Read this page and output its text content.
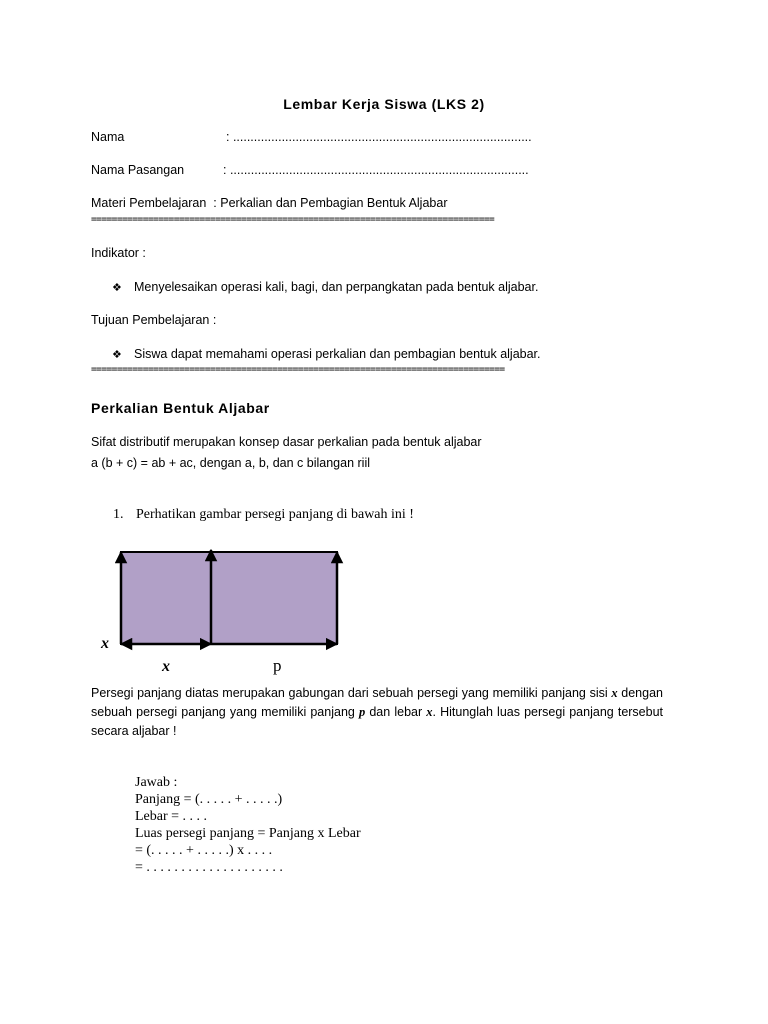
Lembar Kerja Siswa (LKS 2)
Nama	: ......................................................................................
Nama Pasangan	: ......................................................................................
Materi Pembelajaran : Perkalian dan Pembagian Bentuk Aljabar
==============================================================================
Indikator :
❖ Menyelesaikan operasi kali, bagi, dan perpangkatan pada bentuk aljabar.
Tujuan Pembelajaran :
❖ Siswa dapat memahami operasi perkalian dan pembagian bentuk aljabar.
================================================================================
Perkalian Bentuk Aljabar
Sifat distributif merupakan konsep dasar perkalian pada bentuk aljabar
a (b + c) = ab + ac, dengan a, b, dan c bilangan riil
1. Perhatikan gambar persegi panjang di bawah ini !
x
x	p
Persegi panjang diatas merupakan gabungan dari sebuah persegi yang memiliki panjang sisi x dengan sebuah persegi panjang yang memiliki panjang p dan lebar x. Hitunglah luas persegi panjang tersebut secara aljabar !
Jawab :
Panjang = (. . . . . + . . . . .)
Lebar = . . . .
Luas persegi panjang = Panjang x Lebar
= (. . . . . + . . . . .) x . . . .
= . . . . . . . . . . . . . . . . . . . .
